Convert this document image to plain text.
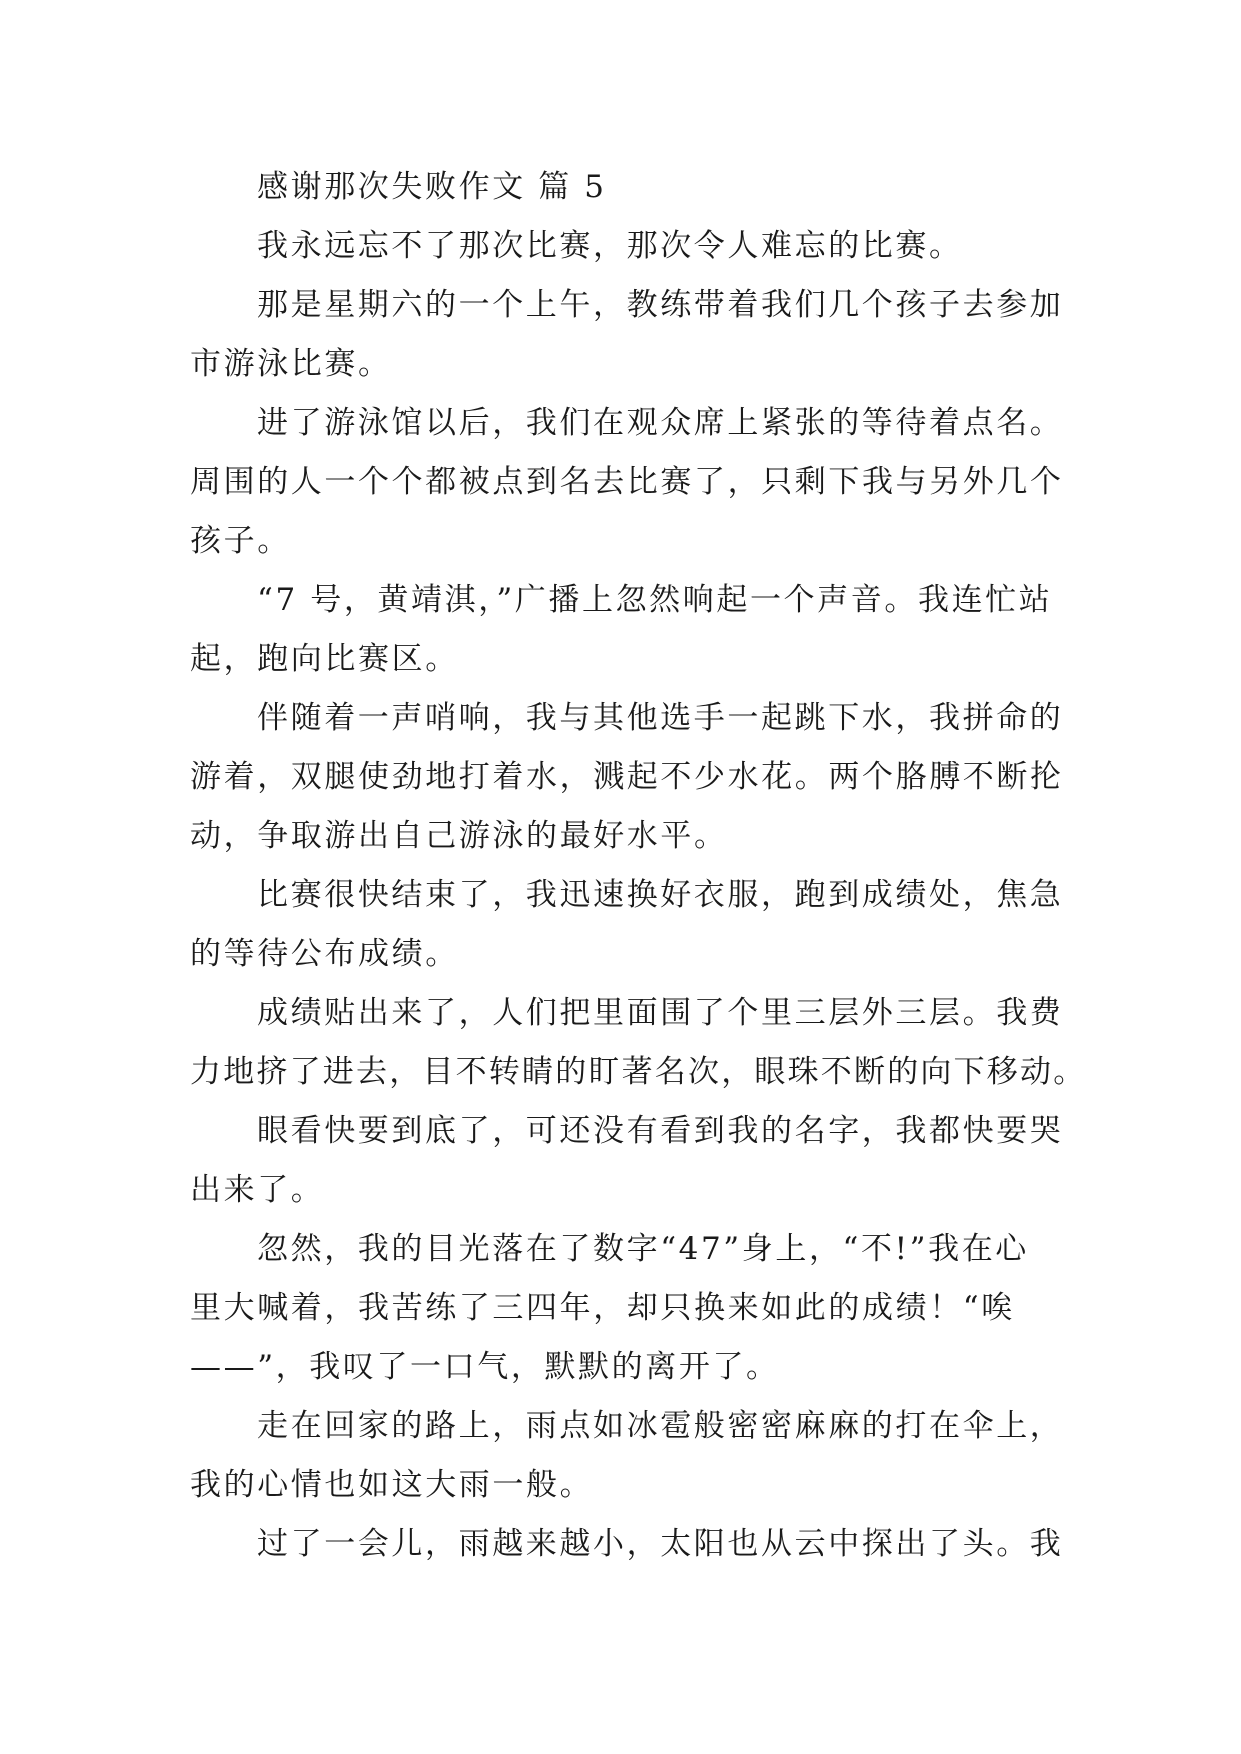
感谢那次失败作文 篇 5
我永远忘不了那次比赛，那次令人难忘的比赛。
那是星期六的一个上午，教练带着我们几个孩子去参加
市游泳比赛。
进了游泳馆以后，我们在观众席上紧张的等待着点名。
周围的人一个个都被点到名去比赛了，只剩下我与另外几个
孩子。
“7 号，黄靖淇，”广播上忽然响起一个声音。我连忙站
起，跑向比赛区。
伴随着一声哨响，我与其他选手一起跳下水，我拼命的
游着，双腿使劲地打着水，溅起不少水花。两个胳膊不断抡
动，争取游出自己游泳的最好水平。
比赛很快结束了，我迅速换好衣服，跑到成绩处，焦急
的等待公布成绩。
成绩贴出来了，人们把里面围了个里三层外三层。我费
力地挤了进去，目不转睛的盯著名次，眼珠不断的向下移动。
眼看快要到底了，可还没有看到我的名字，我都快要哭
出来了。
忽然，我的目光落在了数字“47”身上，“不!”我在心
里大喊着，我苦练了三四年，却只换来如此的成绩！“唉
——”，我叹了一口气，默默的离开了。
走在回家的路上，雨点如冰雹般密密麻麻的打在伞上，
我的心情也如这大雨一般。
过了一会儿，雨越来越小，太阳也从云中探出了头。我
